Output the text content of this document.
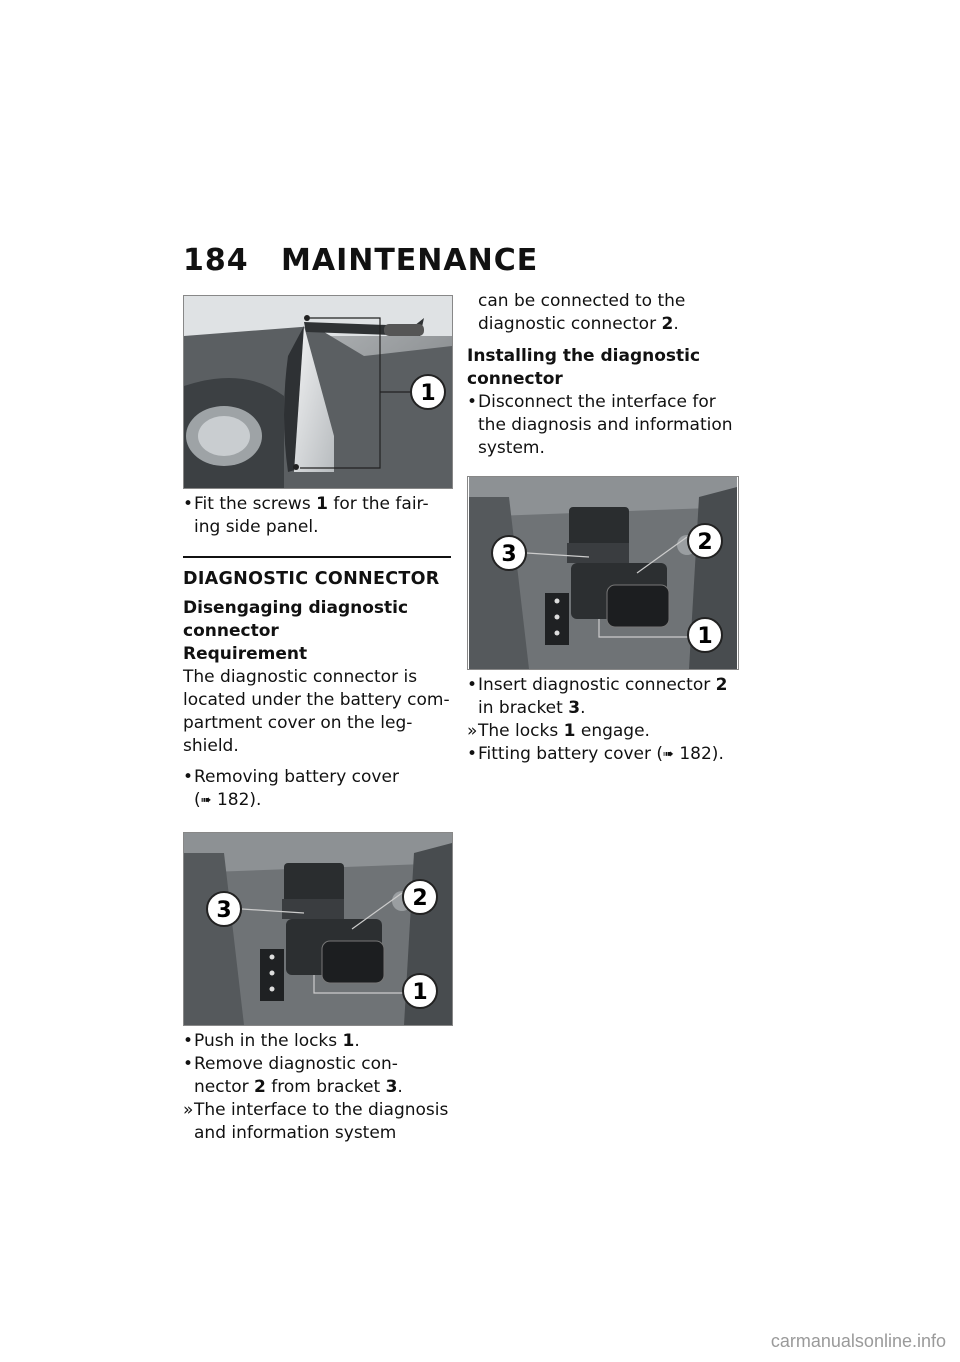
184 MAINTENANCE
1
• Fit the screws 1 for the fair-ing side panel.
DIAGNOSTIC CONNECTOR

Disengaging diagnostic connector

Requirement

The diagnostic connector is located under the battery com-partment cover on the leg-shield.

• Removing battery cover
(➠ 182).
3	2
1
• Push in the locks 1.
• Remove diagnostic con-nector 2 from bracket 3.
» The interface to the diagnosis and information system

can be connected to the diagnostic connector 2.

Installing the diagnostic connector

• Disconnect the interface for the diagnosis and information system.
3	2
1
• Insert diagnostic connector 2
in bracket 3.
» The locks 1 engage.
• Fitting battery cover (➠ 182).
carmanualsonline.info
